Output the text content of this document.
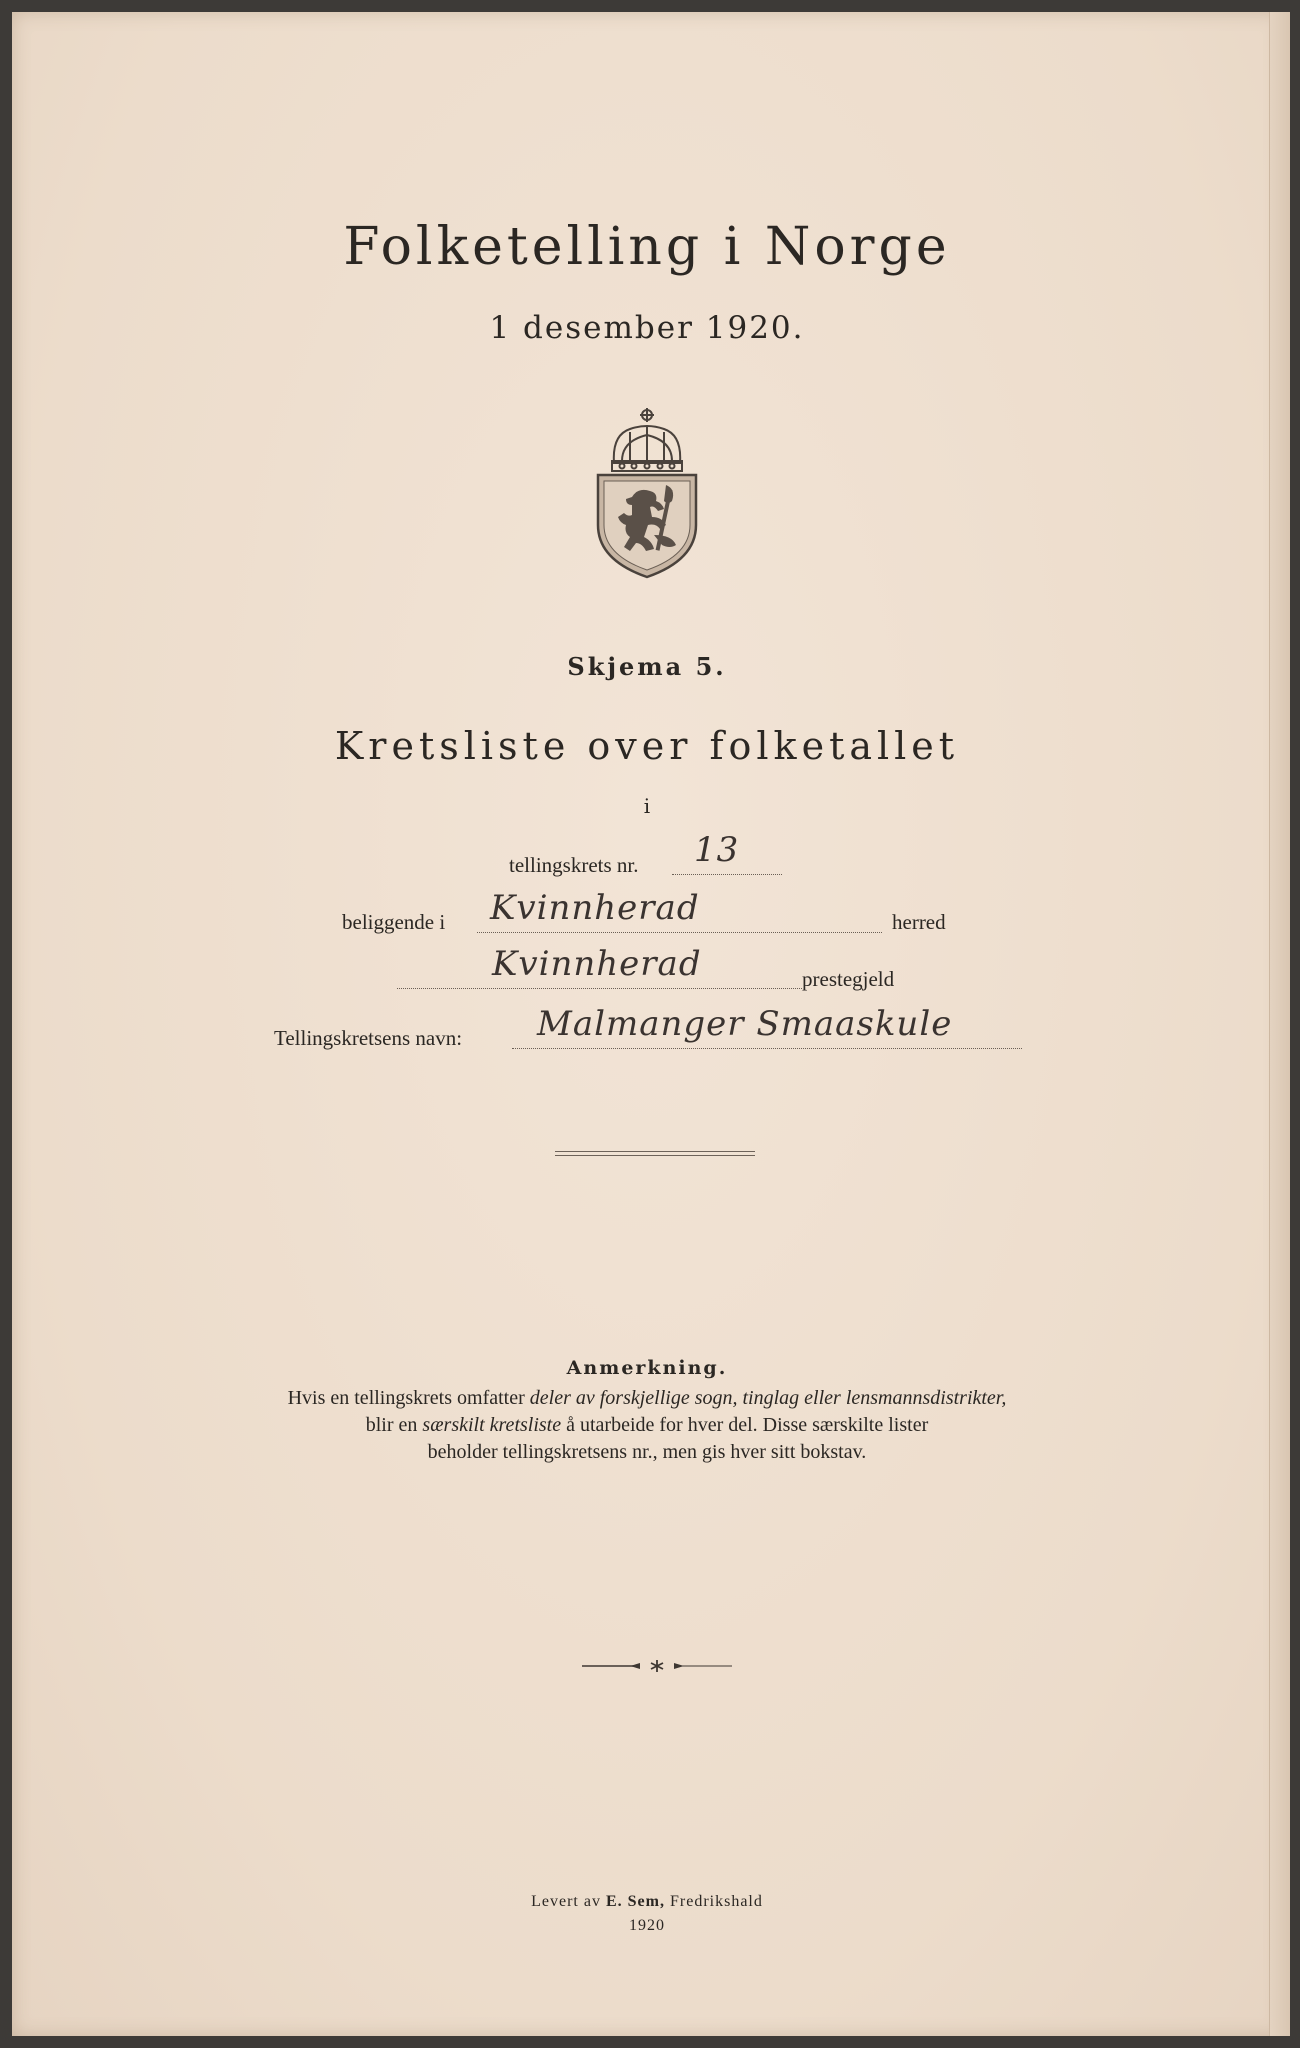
Folketelling i Norge
1 desember 1920.
Skjema 5.
Kretsliste over folketallet
i
tellingskrets nr. 13
beliggende i Kvinnherad	herred
Kvinnherad	prestegjeld
Tellingskretsens navn: Malmanger Smaaskule
Anmerkning.
Hvis en tellingskrets omfatter deler av forskjellige sogn, tinglag eller lensmannsdistrikter,
blir en særskilt kretsliste å utarbeide for hver del. Disse særskilte lister
beholder tellingskretsens nr., men gis hver sitt bokstav.
Levert av E. Sem, Fredrikshald
1920
